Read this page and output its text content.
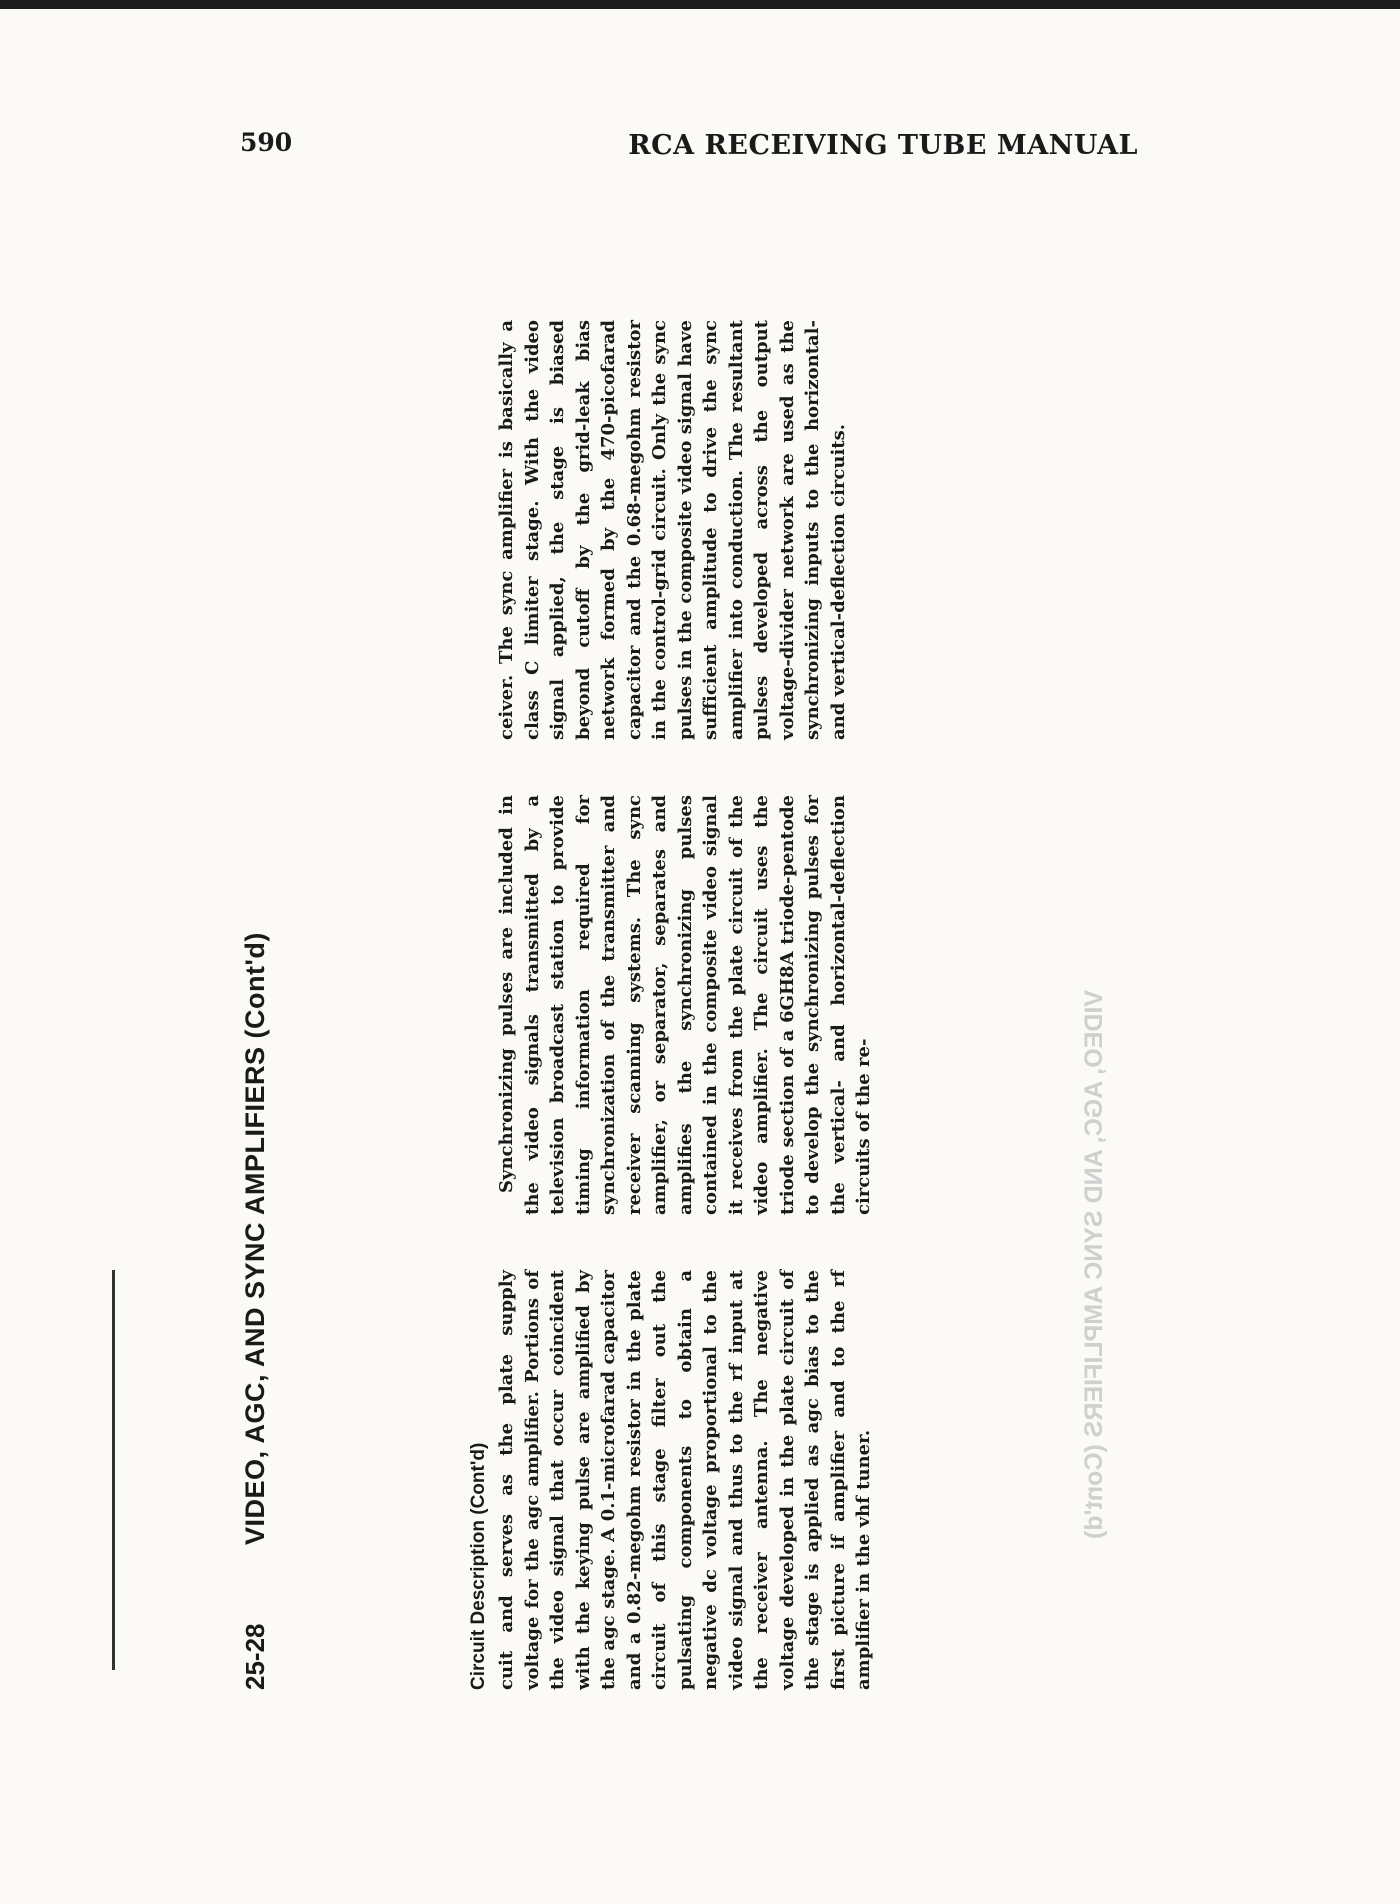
590	RCA RECEIVING TUBE MANUAL
25-28
VIDEO, AGC, AND SYNC AMPLIFIERS (Cont'd)
Circuit Description (Cont'd) cuit and serves as the plate supply voltage for the agc amplifier. Portions of the video signal that occur coincident with the keying pulse are amplified by the agc stage. A 0.1-microfarad capacitor and a 0.82-megohm resistor in the plate circuit of this stage filter out the pulsating components to obtain a negative dc voltage proportional to the video signal and thus to the rf input at the receiver antenna. The negative voltage developed in the plate circuit of the stage is applied as agc bias to the first picture if amplifier and to the rf amplifier in the vhf tuner.

Synchronizing pulses are included in the video signals transmitted by a television broadcast station to provide timing information required for synchronization of the transmitter and receiver scanning systems. The sync amplifier, or separator, separates and amplifies the synchronizing pulses contained in the composite video signal it receives from the plate circuit of the video amplifier. The circuit uses the triode section of a 6GH8A triode-pentode to develop the synchronizing pulses for the vertical- and horizontal-deflection circuits of the re-

ceiver. The sync amplifier is basically a class C limiter stage. With the video signal applied, the stage is biased beyond cutoff by the grid-leak bias network formed by the 470-picofarad capacitor and the 0.68-megohm resistor in the control-grid circuit. Only the sync pulses in the composite video signal have sufficient amplitude to drive the sync amplifier into conduction. The resultant pulses developed across the output voltage-divider network are used as the synchronizing inputs to the horizontal- and vertical-deflection circuits.

VIDEO, AGC, AND SYNC AMPLIFIERS (Cont'd)
